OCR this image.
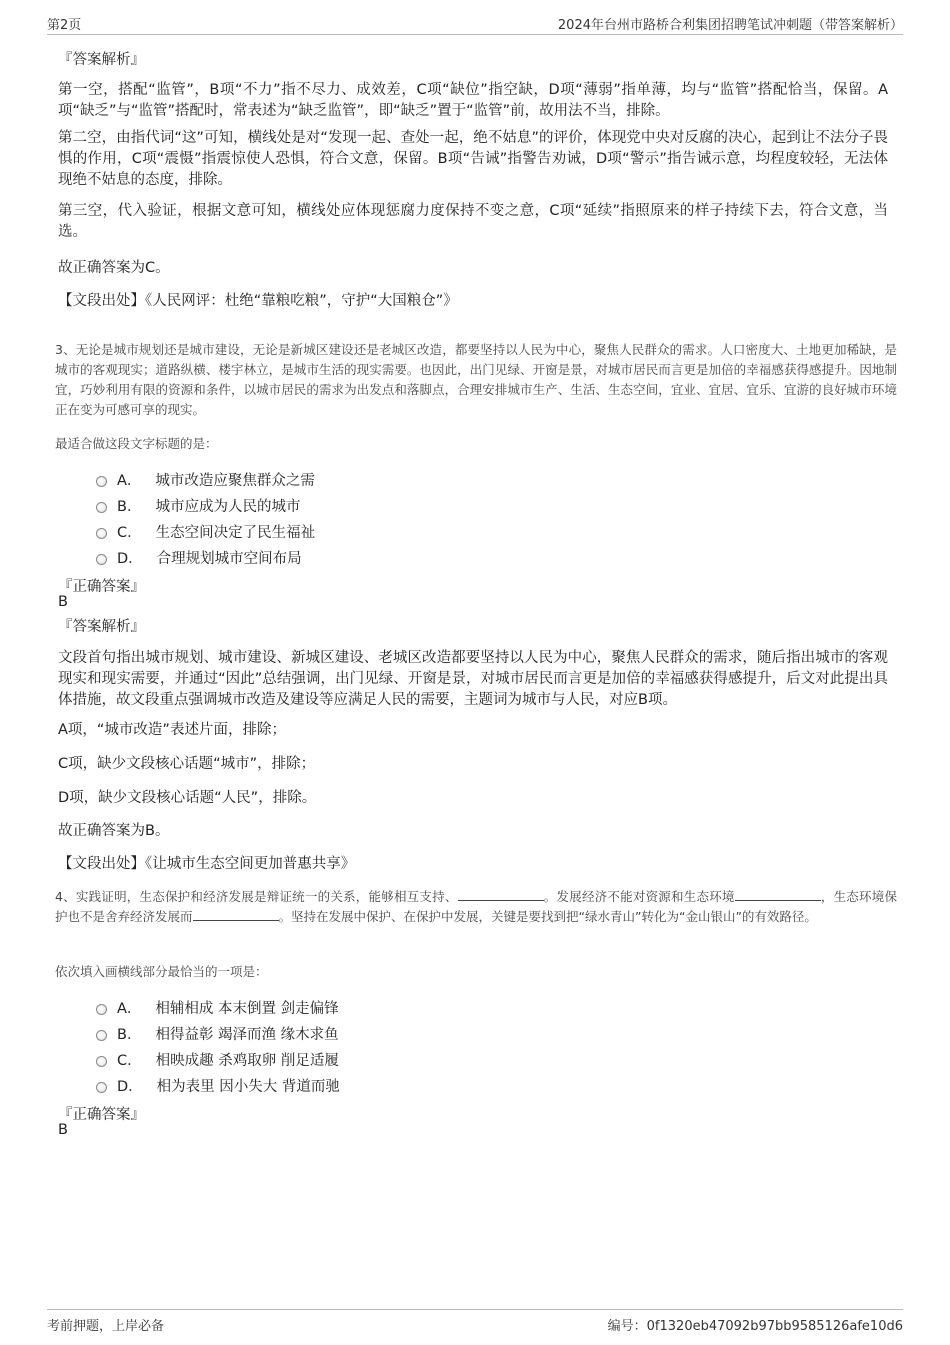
第2页	2024年台州市路桥合利集团招聘笔试冲刺题（带答案解析）
『答案解析』
第一空，搭配“监管”，B项“不力”指不尽力、成效差，C项“缺位”指空缺，D项“薄弱”指单薄，均与“监管”搭配恰当，保留。A项“缺乏”与“监管”搭配时，常表述为“缺乏监管”，即“缺乏”置于“监管”前，故用法不当，排除。
第二空，由指代词“这”可知，横线处是对“发现一起、查处一起，绝不姑息”的评价，体现党中央对反腐的决心，起到让不法分子畏惧的作用，C项“震慑”指震惊使人恐惧，符合文意，保留。B项“告诫”指警告劝诫，D项“警示”指告诫示意，均程度较轻，无法体现绝不姑息的态度，排除。
第三空，代入验证，根据文意可知，横线处应体现惩腐力度保持不变之意，C项“延续”指照原来的样子持续下去，符合文意，当选。
故正确答案为C。
【文段出处】《人民网评：杜绝“靠粮吃粮”，守护“大国粮仓”》
3、无论是城市规划还是城市建设，无论是新城区建设还是老城区改造，都要坚持以人民为中心，聚焦人民群众的需求。人口密度大、土地更加稀缺，是城市的客观现实；道路纵横、楼宇林立，是城市生活的现实需要。也因此，出门见绿、开窗是景，对城市居民而言更是加倍的幸福感获得感提升。因地制宜，巧妙利用有限的资源和条件，以城市居民的需求为出发点和落脚点，合理安排城市生产、生活、生态空间，宜业、宜居、宜乐、宜游的良好城市环境正在变为可感可享的现实。
最适合做这段文字标题的是：
A． 城市改造应聚焦群众之需
B． 城市应成为人民的城市
C． 生态空间决定了民生福祉
D． 合理规划城市空间布局
『正确答案』
B
『答案解析』
文段首句指出城市规划、城市建设、新城区建设、老城区改造都要坚持以人民为中心，聚焦人民群众的需求，随后指出城市的客观现实和现实需要，并通过“因此”总结强调，出门见绿、开窗是景，对城市居民而言更是加倍的幸福感获得感提升，后文对此提出具体措施，故文段重点强调城市改造及建设等应满足人民的需要，主题词为城市与人民，对应B项。
A项，“城市改造”表述片面，排除；
C项，缺少文段核心话题“城市”，排除；
D项，缺少文段核心话题“人民”，排除。
故正确答案为B。
【文段出处】《让城市生态空间更加普惠共享》
4、实践证明，生态保护和经济发展是辩证统一的关系，能够相互支持、	。发展经济不能对资源和生态环境	，生态环境保护也不是舍弃经济发展而	。坚持在发展中保护、在保护中发展，关键是要找到把“绿水青山”转化为“金山银山”的有效路径。
依次填入画横线部分最恰当的一项是：
A． 相辅相成 本末倒置 剑走偏锋
B． 相得益彰 竭泽而渔 缘木求鱼
C． 相映成趣 杀鸡取卵 削足适履
D． 相为表里 因小失大 背道而驰
『正确答案』
B
考前押题，上岸必备	编号：0f1320eb47092b97bb9585126afe10d6
